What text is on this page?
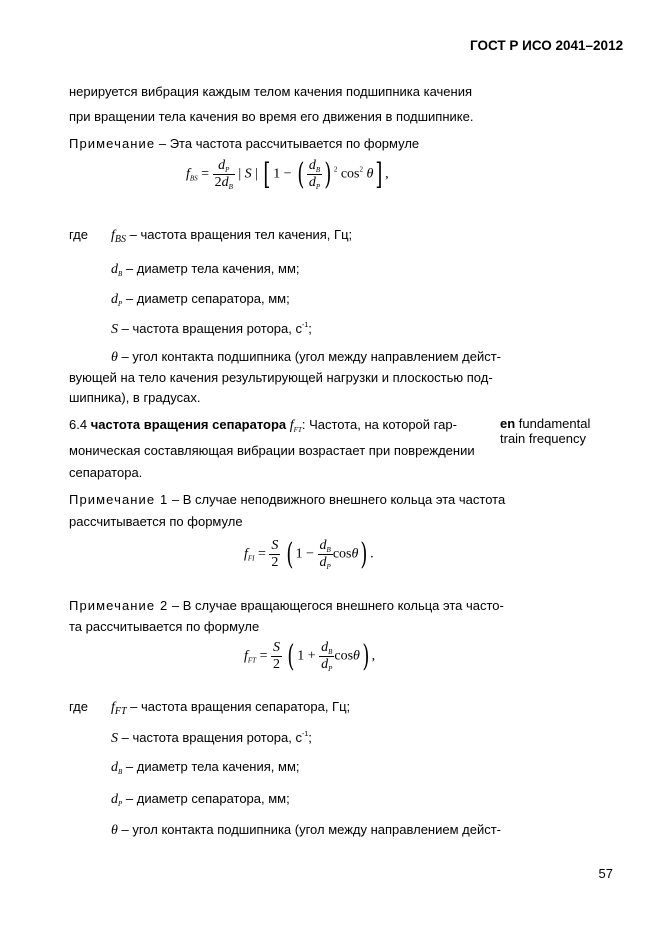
ГОСТ Р ИСО 2041–2012
нерируется вибрация каждым телом качения подшипника качения
при вращении тела качения во время его движения в подшипнике.
Примечание – Эта частота рассчитывается по формуле
$f_{BS} = \frac{d_P}{2d_B}$ | S | [ 1 − ( $\frac{d_B}{d_P}$ ) $^2$ $\cos^2 \theta$] ,
где $f_{BS}$ – частота вращения тел качения, Гц;
$d_B$ – диаметр тела качения, мм;
$d_P$ – диаметр сепаратора, мм;
S – частота вращения ротора, $с^{-1}$;
θ – угол контакта подшипника (угол между направлением дейст-
вующей на тело качения результирующей нагрузки и плоскостью под-
шипника), в градусах.
6.4 частота вращения сепаратора $f_{FT}$: Частота, на которой гар-
моническая составляющая вибрации возрастает при повреждении
сепаратора.
en fundamental
train frequency
Примечание 1 – В случае неподвижного внешнего кольца эта частота
рассчитывается по формуле
$f_{FI} = \frac{S}{2}$ ( $1 - \frac{d_B}{d_P} \cos\theta$) .
Примечание 2 – В случае вращающегося внешнего кольца эта часто-
та рассчитывается по формуле
$f_{FT} = \frac{S}{2}$ ( $1 + \frac{d_B}{d_P} \cos\theta$) ,
где $f_{FT}$ – частота вращения сепаратора, Гц;
S – частота вращения ротора, $с^{-1}$;
$d_B$ – диаметр тела качения, мм;
$d_P$ – диаметр сепаратора, мм;
θ – угол контакта подшипника (угол между направлением дейст-
57
